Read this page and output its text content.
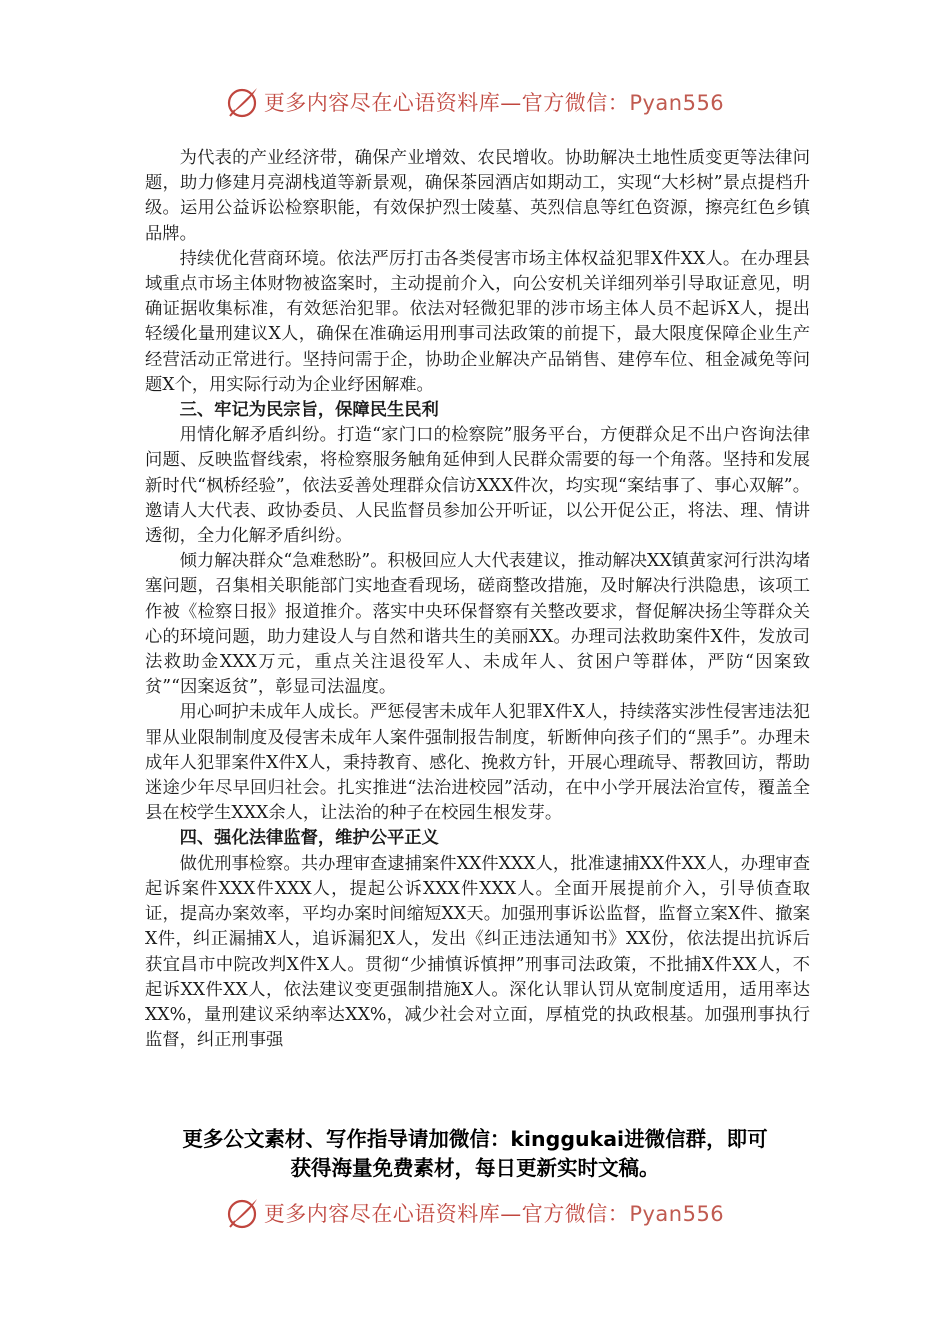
更多内容尽在心语资料库—官方微信：Pyan556

为代表的产业经济带，确保产业增效、农民增收。协助解决土地性质变更等法律问题，助力修建月亮湖栈道等新景观，确保茶园酒店如期动工，实现“大杉树”景点提档升级。运用公益诉讼检察职能，有效保护烈士陵墓、英烈信息等红色资源，擦亮红色乡镇品牌。

持续优化营商环境。依法严厉打击各类侵害市场主体权益犯罪X件XX人。在办理县域重点市场主体财物被盗案时，主动提前介入，向公安机关详细列举引导取证意见，明确证据收集标准，有效惩治犯罪。依法对轻微犯罪的涉市场主体人员不起诉X人，提出轻缓化量刑建议X人，确保在准确运用刑事司法政策的前提下，最大限度保障企业生产经营活动正常进行。坚持问需于企，协助企业解决产品销售、建停车位、租金减免等问题X个，用实际行动为企业纾困解难。

三、牢记为民宗旨，保障民生民利

用情化解矛盾纠纷。打造“家门口的检察院”服务平台，方便群众足不出户咨询法律问题、反映监督线索，将检察服务触角延伸到人民群众需要的每一个角落。坚持和发展新时代“枫桥经验”，依法妥善处理群众信访XXX件次，均实现“案结事了、事心双解”。邀请人大代表、政协委员、人民监督员参加公开听证，以公开促公正，将法、理、情讲透彻，全力化解矛盾纠纷。

倾力解决群众“急难愁盼”。积极回应人大代表建议，推动解决XX镇黄家河行洪沟堵塞问题，召集相关职能部门实地查看现场，磋商整改措施，及时解决行洪隐患，该项工作被《检察日报》报道推介。落实中央环保督察有关整改要求，督促解决扬尘等群众关心的环境问题，助力建设人与自然和谐共生的美丽XX。办理司法救助案件X件，发放司法救助金XXX万元，重点关注退役军人、未成年人、贫困户等群体，严防“因案致贫”“因案返贫”，彰显司法温度。

用心呵护未成年人成长。严惩侵害未成年人犯罪X件X人，持续落实涉性侵害违法犯罪从业限制制度及侵害未成年人案件强制报告制度，斩断伸向孩子们的“黑手”。办理未成年人犯罪案件X件X人，秉持教育、感化、挽救方针，开展心理疏导、帮教回访，帮助迷途少年尽早回归社会。扎实推进“法治进校园”活动，在中小学开展法治宣传，覆盖全县在校学生XXX余人，让法治的种子在校园生根发芽。

四、强化法律监督，维护公平正义

做优刑事检察。共办理审查逮捕案件XX件XXX人，批准逮捕XX件XX人，办理审查起诉案件XXX件XXX人，提起公诉XXX件XXX人。全面开展提前介入，引导侦查取证，提高办案效率，平均办案时间缩短XX天。加强刑事诉讼监督，监督立案X件、撤案X件，纠正漏捕X人，追诉漏犯X人，发出《纠正违法通知书》XX份，依法提出抗诉后获宜昌市中院改判X件X人。贯彻“少捕慎诉慎押”刑事司法政策，不批捕X件XX人，不起诉XX件XX人，依法建议变更强制措施X人。深化认罪认罚从宽制度适用，适用率达XX%，量刑建议采纳率达XX%，减少社会对立面，厚植党的执政根基。加强刑事执行监督，纠正刑事强

更多公文素材、写作指导请加微信：kinggukai进微信群，即可
获得海量免费素材，每日更新实时文稿。
更多内容尽在心语资料库—官方微信：Pyan556
